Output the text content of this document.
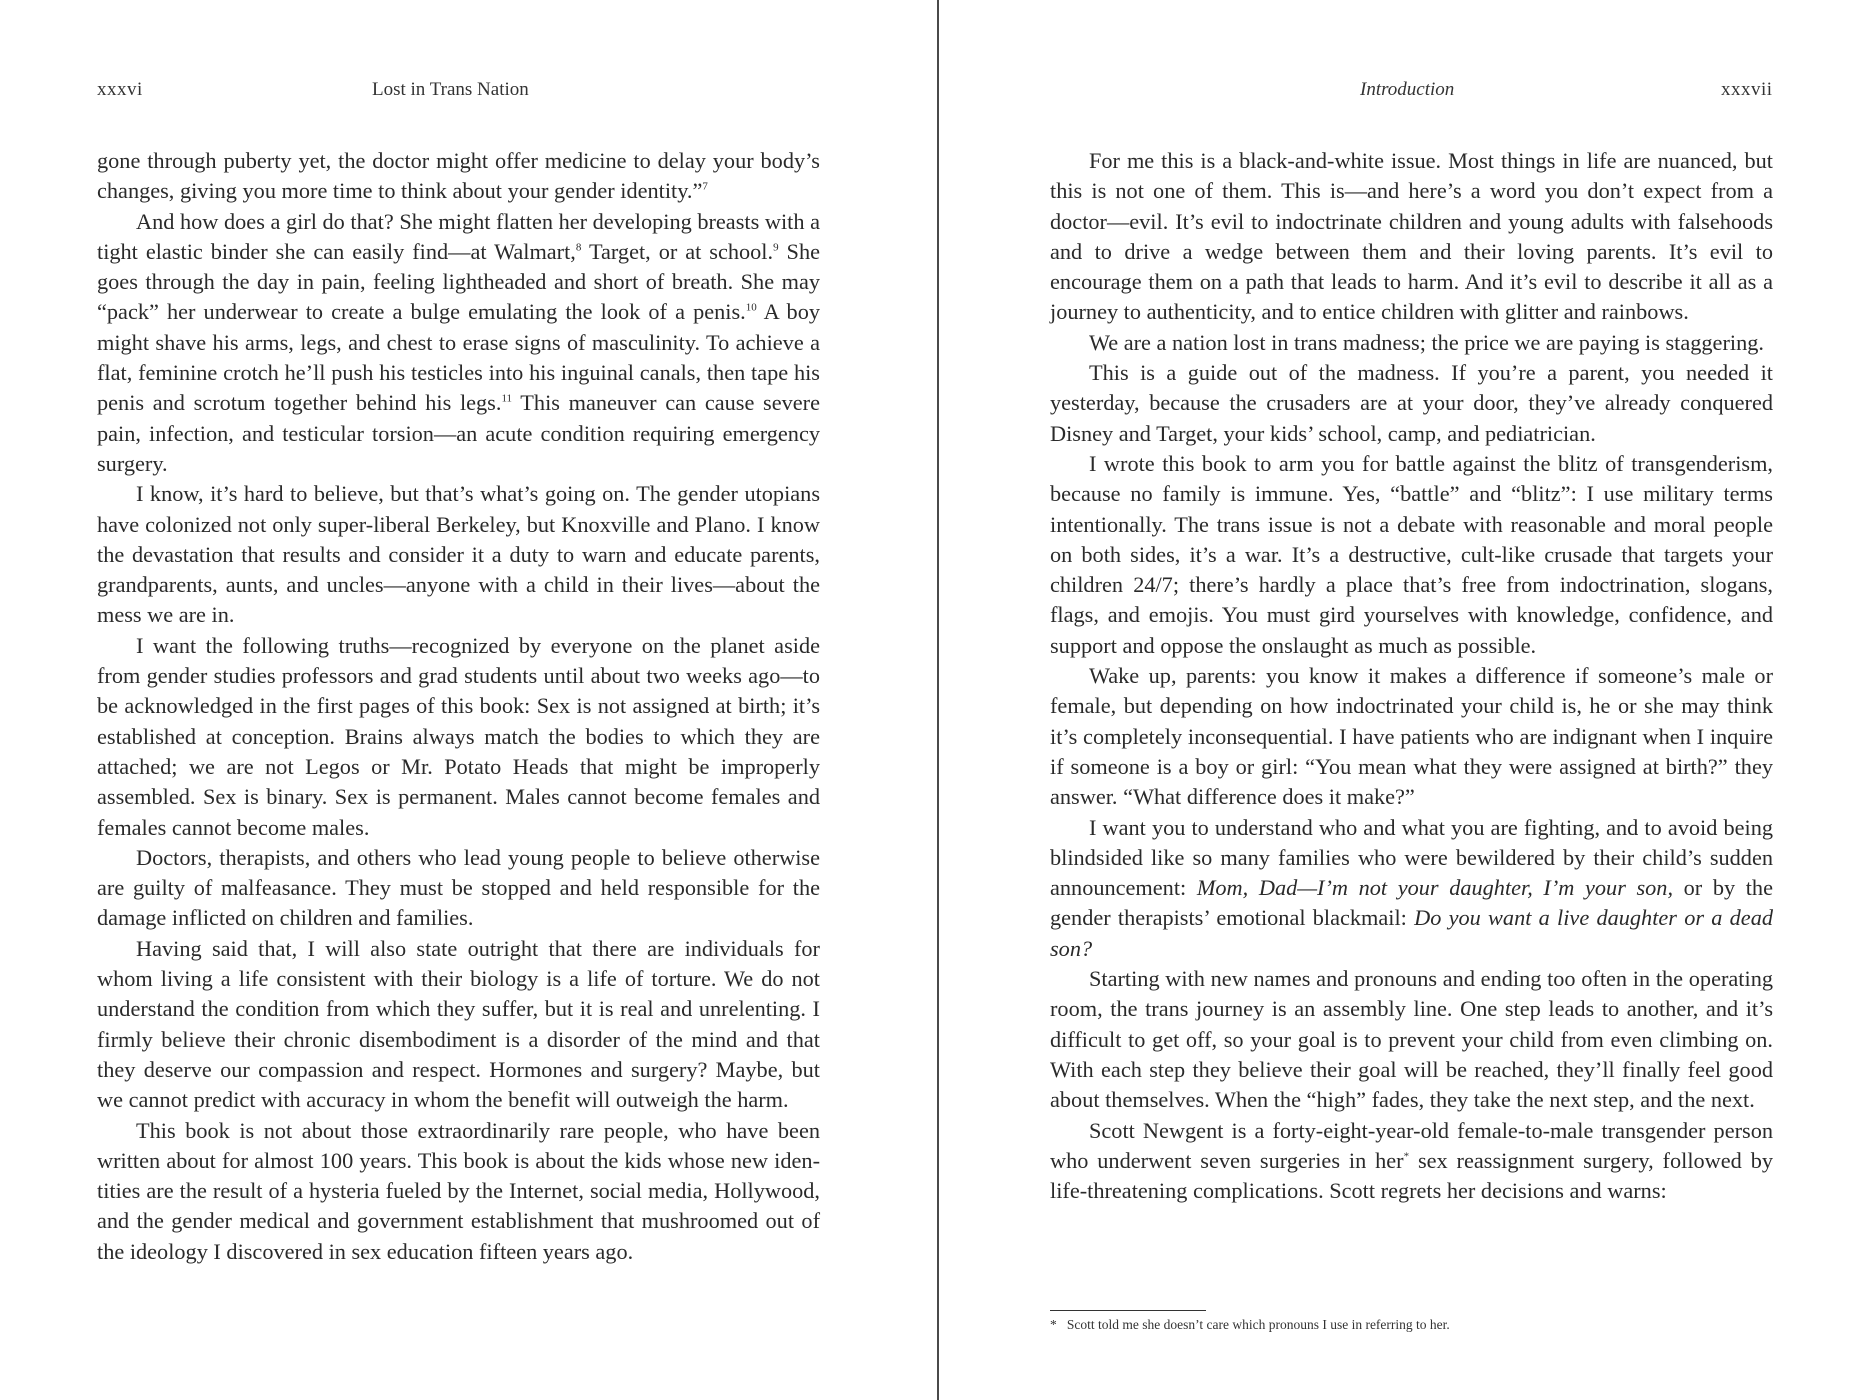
xxxvi	Lost in Trans Nation

gone through puberty yet, the doctor might offer medicine to delay your body’s changes, giving you more time to think about your gender identity.”$^7$

And how does a girl do that? She might flatten her developing breasts with a tight elastic binder she can easily find—at Walmart,$^8$ Target, or at school.$^9$ She goes through the day in pain, feeling lightheaded and short of breath. She may “pack” her underwear to create a bulge emulating the look of a penis.$^{10}$ A boy might shave his arms, legs, and chest to erase signs of masculinity. To achieve a flat, feminine crotch he’ll push his testicles into his inguinal canals, then tape his penis and scrotum together behind his legs.$^{11}$ This maneuver can cause severe pain, infection, and testicular torsion—an acute condition requiring emergency surgery.

I know, it’s hard to believe, but that’s what’s going on. The gender utopians have colonized not only super-liberal Berkeley, but Knoxville and Plano. I know the devastation that results and consider it a duty to warn and educate parents, grandparents, aunts, and uncles—anyone with a child in their lives—about the mess we are in.

I want the following truths—recognized by everyone on the planet aside from gender studies professors and grad students until about two weeks ago—to be acknowledged in the first pages of this book: Sex is not assigned at birth; it’s established at conception. Brains always match the bodies to which they are attached; we are not Legos or Mr. Potato Heads that might be improperly assembled. Sex is binary. Sex is permanent. Males cannot become females and females cannot become males.

Doctors, therapists, and others who lead young people to believe otherwise are guilty of malfeasance. They must be stopped and held responsible for the damage inflicted on children and families.

Having said that, I will also state outright that there are individuals for whom living a life consistent with their biology is a life of torture. We do not understand the condition from which they suffer, but it is real and unrelenting. I firmly believe their chronic disembodiment is a disorder of the mind and that they deserve our compassion and respect. Hormones and surgery? Maybe, but we cannot predict with accuracy in whom the benefit will outweigh the harm.

This book is not about those extraordinarily rare people, who have been written about for almost 100 years. This book is about the kids whose new identities are the result of a hysteria fueled by the Internet, social media, Hollywood, and the gender medical and government establishment that mushroomed out of the ideology I discovered in sex education fifteen years ago.

Introduction	xxxvii

For me this is a black-and-white issue. Most things in life are nuanced, but this is not one of them. This is—and here’s a word you don’t expect from a doctor—evil. It’s evil to indoctrinate children and young adults with falsehoods and to drive a wedge between them and their loving parents. It’s evil to encourage them on a path that leads to harm. And it’s evil to describe it all as a journey to authenticity, and to entice children with glitter and rainbows.

We are a nation lost in trans madness; the price we are paying is staggering.

This is a guide out of the madness. If you’re a parent, you needed it yesterday, because the crusaders are at your door, they’ve already conquered Disney and Target, your kids’ school, camp, and pediatrician.

I wrote this book to arm you for battle against the blitz of transgenderism, because no family is immune. Yes, “battle” and “blitz”: I use military terms intentionally. The trans issue is not a debate with reasonable and moral people on both sides, it’s a war. It’s a destructive, cult-like crusade that targets your children 24/7; there’s hardly a place that’s free from indoctrination, slogans, flags, and emojis. You must gird yourselves with knowledge, confidence, and support and oppose the onslaught as much as possible.

Wake up, parents: you know it makes a difference if someone’s male or female, but depending on how indoctrinated your child is, he or she may think it’s completely inconsequential. I have patients who are indignant when I inquire if someone is a boy or girl: “You mean what they were assigned at birth?” they answer. “What difference does it make?”

I want you to understand who and what you are fighting, and to avoid being blindsided like so many families who were bewildered by their child’s sudden announcement: Mom, Dad—I’m not your daughter, I’m your son, or by the gender therapists’ emotional blackmail: Do you want a live daughter or a dead son?

Starting with new names and pronouns and ending too often in the operating room, the trans journey is an assembly line. One step leads to another, and it’s difficult to get off, so your goal is to prevent your child from even climbing on. With each step they believe their goal will be reached, they’ll finally feel good about themselves. When the “high” fades, they take the next step, and the next.

Scott Newgent is a forty-eight-year-old female-to-male transgender person who underwent seven surgeries in her* sex reassignment surgery, followed by life-threatening complications. Scott regrets her decisions and warns:

* Scott told me she doesn’t care which pronouns I use in referring to her.
